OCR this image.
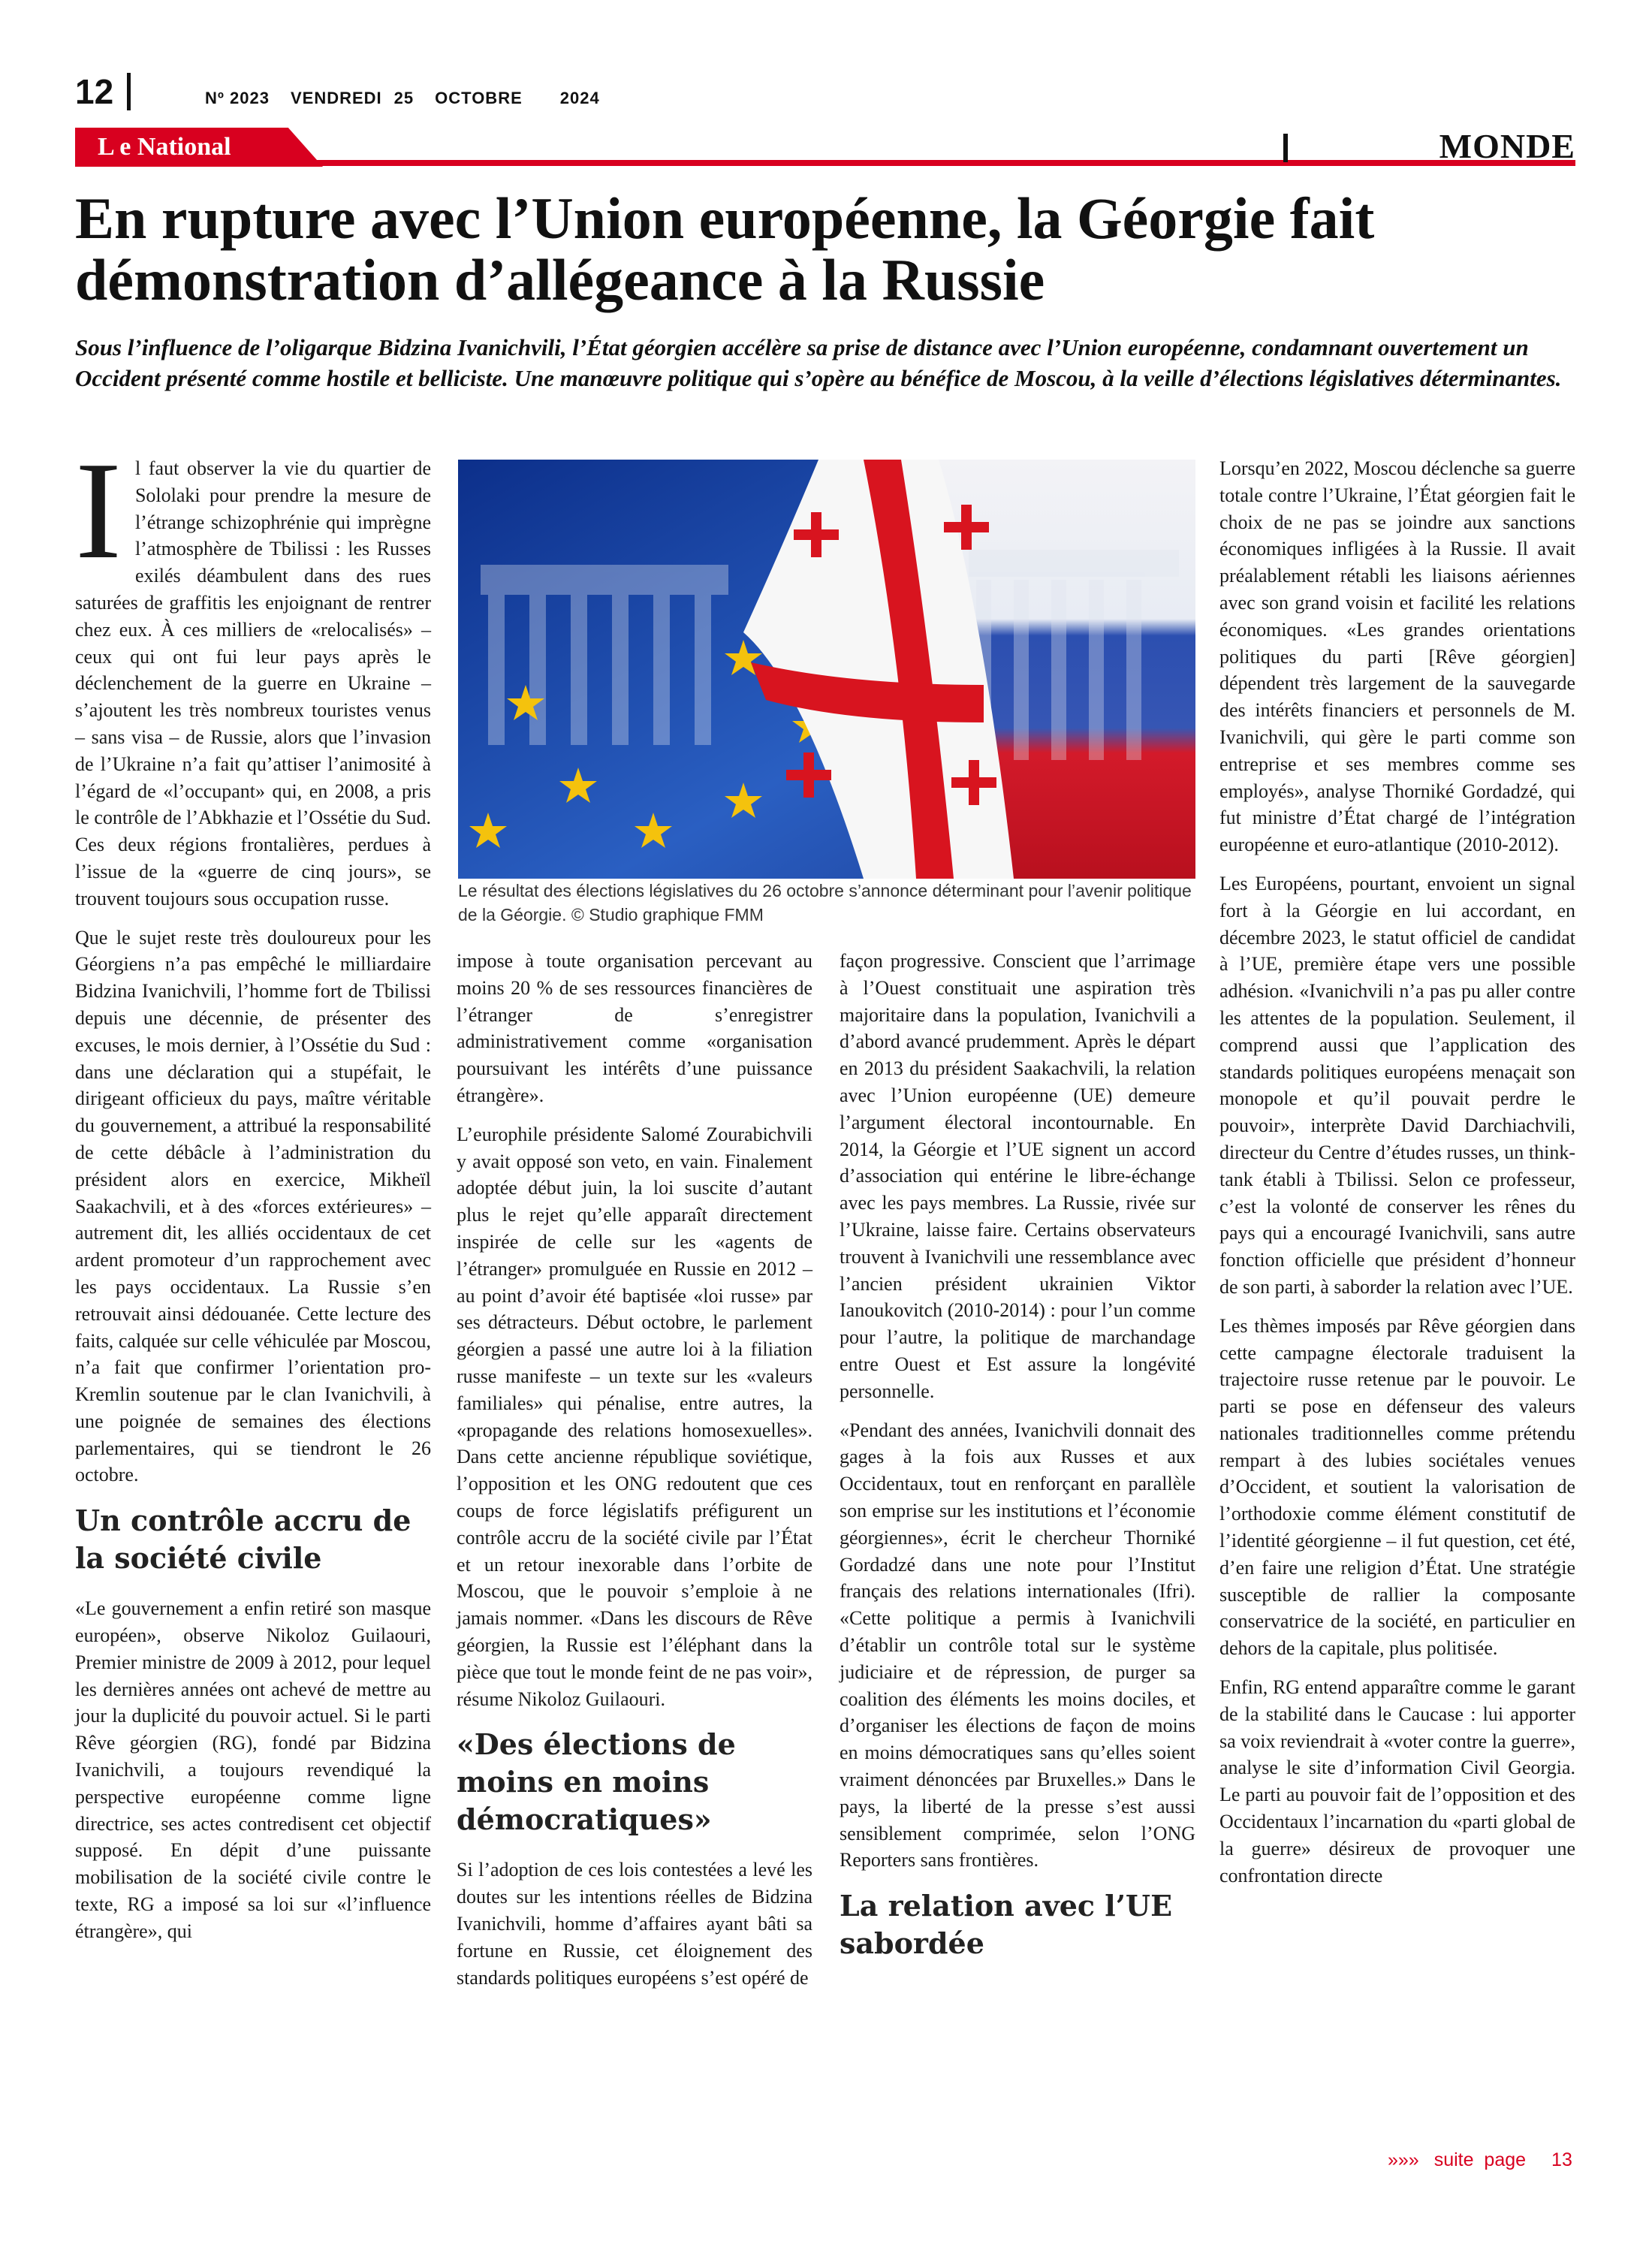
12	Nº 2023 VENDREDI 25 OCTOBRE 2024
L e National	MONDE
En rupture avec l’Union européenne, la Géorgie fait démonstration d’allégeance à la Russie

Sous l’influence de l’oligarque Bidzina Ivanichvili, l’État géorgien accélère sa prise de distance avec l’Union européenne, condamnant ouvertement un Occident présenté comme hostile et belliciste. Une manœuvre politique qui s’opère au bénéfice de Moscou, à la veille d’élections législatives déterminantes.

Il faut observer la vie du quartier de Sololaki pour prendre la mesure de l’étrange schizophrénie qui imprègne l’atmosphère de Tbilissi : les Russes exilés déambulent dans des rues saturées de graffitis les enjoignant de rentrer chez eux. À ces milliers de «relocalisés» – ceux qui ont fui leur pays après le déclenchement de la guerre en Ukraine – s’ajoutent les très nombreux touristes venus – sans visa – de Russie, alors que l’invasion de l’Ukraine n’a fait qu’attiser l’animosité à l’égard de «l’occupant» qui, en 2008, a pris le contrôle de l’Abkhazie et l’Ossétie du Sud. Ces deux régions frontalières, perdues à l’issue de la «guerre de cinq jours», se trouvent toujours sous occupation russe.

Que le sujet reste très douloureux pour les Géorgiens n’a pas empêché le milliardaire Bidzina Ivanichvili, l’homme fort de Tbilissi depuis une décennie, de présenter des excuses, le mois dernier, à l’Ossétie du Sud : dans une déclaration qui a stupéfait, le dirigeant officieux du pays, maître véritable du gouvernement, a attribué la responsabilité de cette débâcle à l’administration du président alors en exercice, Mikheïl Saakachvili, et à des «forces extérieures» – autrement dit, les alliés occidentaux de cet ardent promoteur d’un rapprochement avec les pays occidentaux. La Russie s’en retrouvait ainsi dédouanée. Cette lecture des faits, calquée sur celle véhiculée par Moscou, n’a fait que confirmer l’orientation pro-Kremlin soutenue par le clan Ivanichvili, à une poignée de semaines des élections parlementaires, qui se tiendront le 26 octobre.

Un contrôle accru de la société civile

«Le gouvernement a enfin retiré son masque européen», observe Nikoloz Guilaouri, Premier ministre de 2009 à 2012, pour lequel les dernières années ont achevé de mettre au jour la duplicité du pouvoir actuel. Si le parti Rêve géorgien (RG), fondé par Bidzina Ivanichvili, a toujours revendiqué la perspective européenne comme ligne directrice, ses actes contredisent cet objectif supposé. En dépit d’une puissante mobilisation de la société civile contre le texte, RG a imposé sa loi sur «l’influence étrangère», qui

Le résultat des élections législatives du 26 octobre s’annonce déterminant pour l’avenir politique de la Géorgie. © Studio graphique FMM

impose à toute organisation percevant au moins 20 % de ses ressources financières de l’étranger de s’enregistrer administrativement comme «organisation poursuivant les intérêts d’une puissance étrangère».

L’europhile présidente Salomé Zourabichvili y avait opposé son veto, en vain. Finalement adoptée début juin, la loi suscite d’autant plus le rejet qu’elle apparaît directement inspirée de celle sur les «agents de l’étranger» promulguée en Russie en 2012 – au point d’avoir été baptisée «loi russe» par ses détracteurs. Début octobre, le parlement géorgien a passé une autre loi à la filiation russe manifeste – un texte sur les «valeurs familiales» qui pénalise, entre autres, la «propagande des relations homosexuelles». Dans cette ancienne république soviétique, l’opposition et les ONG redoutent que ces coups de force législatifs préfigurent un contrôle accru de la société civile par l’État et un retour inexorable dans l’orbite de Moscou, que le pouvoir s’emploie à ne jamais nommer. «Dans les discours de Rêve géorgien, la Russie est l’éléphant dans la pièce que tout le monde feint de ne pas voir», résume Nikoloz Guilaouri.

«Des élections de moins en moins démocratiques»

Si l’adoption de ces lois contestées a levé les doutes sur les intentions réelles de Bidzina Ivanichvili, homme d’affaires ayant bâti sa fortune en Russie, cet éloignement des standards politiques européens s’est opéré de

façon progressive. Conscient que l’arrimage à l’Ouest constituait une aspiration très majoritaire dans la population, Ivanichvili a d’abord avancé prudemment. Après le départ en 2013 du président Saakachvili, la relation avec l’Union européenne (UE) demeure l’argument électoral incontournable. En 2014, la Géorgie et l’UE signent un accord d’association qui entérine le libre-échange avec les pays membres. La Russie, rivée sur l’Ukraine, laisse faire. Certains observateurs trouvent à Ivanichvili une ressemblance avec l’ancien président ukrainien Viktor Ianoukovitch (2010-2014) : pour l’un comme pour l’autre, la politique de marchandage entre Ouest et Est assure la longévité personnelle.

«Pendant des années, Ivanichvili donnait des gages à la fois aux Russes et aux Occidentaux, tout en renforçant en parallèle son emprise sur les institutions et l’économie géorgiennes», écrit le chercheur Thorniké Gordadzé dans une note pour l’Institut français des relations internationales (Ifri). «Cette politique a permis à Ivanichvili d’établir un contrôle total sur le système judiciaire et de répression, de purger sa coalition des éléments les moins dociles, et d’organiser les élections de façon de moins en moins démocratiques sans qu’elles soient vraiment dénoncées par Bruxelles.» Dans le pays, la liberté de la presse s’est aussi sensiblement comprimée, selon l’ONG Reporters sans frontières.

La relation avec l’UE sabordée

Lorsqu’en 2022, Moscou déclenche sa guerre totale contre l’Ukraine, l’État géorgien fait le choix de ne pas se joindre aux sanctions économiques infligées à la Russie. Il avait préalablement rétabli les liaisons aériennes avec son grand voisin et facilité les relations économiques. «Les grandes orientations politiques du parti [Rêve géorgien] dépendent très largement de la sauvegarde des intérêts financiers et personnels de M. Ivanichvili, qui gère le parti comme son entreprise et ses membres comme ses employés», analyse Thorniké Gordadzé, qui fut ministre d’État chargé de l’intégration européenne et euro-atlantique (2010-2012).

Les Européens, pourtant, envoient un signal fort à la Géorgie en lui accordant, en décembre 2023, le statut officiel de candidat à l’UE, première étape vers une possible adhésion. «Ivanichvili n’a pas pu aller contre les attentes de la population. Seulement, il comprend aussi que l’application des standards politiques européens menaçait son monopole et qu’il pouvait perdre le pouvoir», interprète David Darchiachvili, directeur du Centre d’études russes, un think-tank établi à Tbilissi. Selon ce professeur, c’est la volonté de conserver les rênes du pays qui a encouragé Ivanichvili, sans autre fonction officielle que président d’honneur de son parti, à saborder la relation avec l’UE.

Les thèmes imposés par Rêve géorgien dans cette campagne électorale traduisent la trajectoire russe retenue par le pouvoir. Le parti se pose en défenseur des valeurs nationales traditionnelles comme prétendu rempart à des lubies sociétales venues d’Occident, et soutient la valorisation de l’orthodoxie comme élément constitutif de l’identité géorgienne – il fut question, cet été, d’en faire une religion d’État. Une stratégie susceptible de rallier la composante conservatrice de la société, en particulier en dehors de la capitale, plus politisée.

Enfin, RG entend apparaître comme le garant de la stabilité dans le Caucase : lui apporter sa voix reviendrait à «voter contre la guerre», analyse le site d’information Civil Georgia. Le parti au pouvoir fait de l’opposition et des Occidentaux l’incarnation du «parti global de la guerre» désireux de provoquer une confrontation directe

»»» suite  page 13
